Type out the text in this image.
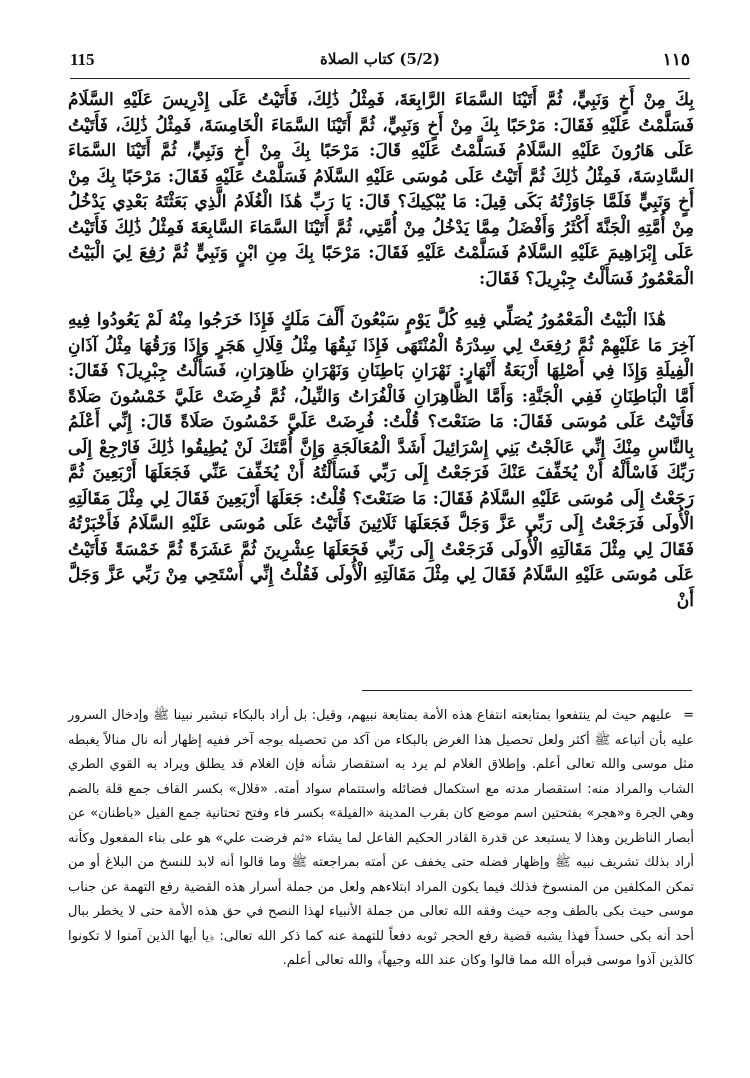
115	(5/2) كتاب الصلاة	١١٥

بِكَ مِنْ أَخٍ وَنَبِيٍّ، ثُمَّ أَتَيْنَا السَّمَاءَ الرَّابِعَةَ، فَمِثْلُ ذَٰلِكَ، فَأَتَيْتُ عَلَى إِدْرِيسَ عَلَيْهِ السَّلَامُ فَسَلَّمْتُ عَلَيْهِ فَقَالَ: مَرْحَبًا بِكَ مِنْ أَخٍ وَنَبِيٍّ، ثُمَّ أَتَيْنَا السَّمَاءَ الْخَامِسَةَ، فَمِثْلُ ذَٰلِكَ، فَأَتَيْتُ عَلَى هَارُونَ عَلَيْهِ السَّلَامُ فَسَلَّمْتُ عَلَيْهِ قَالَ: مَرْحَبًا بِكَ مِنْ أَخٍ وَنَبِيٍّ، ثُمَّ أَتَيْنَا السَّمَاءَ السَّادِسَةَ، فَمِثْلُ ذَٰلِكَ ثُمَّ أَتَيْتُ عَلَى مُوسَى عَلَيْهِ السَّلَامُ فَسَلَّمْتُ عَلَيْهِ فَقَالَ: مَرْحَبًا بِكَ مِنْ أَخٍ وَنَبِيٍّ فَلَمَّا جَاوَزْتُهُ بَكَى قِيلَ: مَا يُبْكِيكَ؟ قَالَ: يَا رَبِّ هَٰذَا الْغُلَامُ الَّذِي بَعَثْتَهُ بَعْدِي يَدْخُلُ مِنْ أُمَّتِهِ الْجَنَّةَ أَكْثَرُ وَأَفْضَلُ مِمَّا يَدْخُلُ مِنْ أُمَّتِي، ثُمَّ أَتَيْنَا السَّمَاءَ السَّابِعَةَ فَمِثْلُ ذَٰلِكَ فَأَتَيْتُ عَلَى إِبْرَاهِيمَ عَلَيْهِ السَّلَامُ فَسَلَّمْتُ عَلَيْهِ فَقَالَ: مَرْحَبًا بِكَ مِنِ ابْنٍ وَنَبِيٍّ ثُمَّ رُفِعَ لِيَ الْبَيْتُ الْمَعْمُورُ فَسَأَلْتُ جِبْرِيلَ؟ فَقَالَ:

هَٰذَا الْبَيْتُ الْمَعْمُورُ يُصَلِّي فِيهِ كُلَّ يَوْمٍ سَبْعُونَ أَلْفَ مَلَكٍ فَإِذَا خَرَجُوا مِنْهُ لَمْ يَعُودُوا فِيهِ آخِرَ مَا عَلَيْهِمْ ثُمَّ رُفِعَتْ لِي سِدْرَةُ الْمُنْتَهَى فَإِذَا نَبِقُهَا مِثْلُ قِلَالِ هَجَرٍ وَإِذَا وَرَقُهَا مِثْلُ آذَانِ الْفِيلَةِ وَإِذَا فِي أَصْلِهَا أَرْبَعَةُ أَنْهَارٍ: نَهْرَانِ بَاطِنَانِ وَنَهْرَانِ ظَاهِرَانِ، فَسَأَلْتُ جِبْرِيلَ؟ فَقَالَ: أَمَّا الْبَاطِنَانِ فَفِي الْجَنَّةِ: وَأَمَّا الظَّاهِرَانِ فَالْفُرَاتُ وَالنِّيلُ، ثُمَّ فُرِضَتْ عَلَيَّ خَمْسُونَ صَلَاةً فَأَتَيْتُ عَلَى مُوسَى فَقَالَ: مَا صَنَعْتَ؟ قُلْتُ: فُرِضَتْ عَلَيَّ خَمْسُونَ صَلَاةً قَالَ: إِنِّي أَعْلَمُ بِالنَّاسِ مِنْكَ إِنِّي عَالَجْتُ بَنِي إِسْرَائِيلَ أَشَدَّ الْمُعَالَجَةِ وَإِنَّ أُمَّتَكَ لَنْ يُطِيقُوا ذَٰلِكَ فَارْجِعْ إِلَى رَبِّكَ فَاسْأَلْهُ أَنْ يُخَفِّفَ عَنْكَ فَرَجَعْتُ إِلَى رَبِّي فَسَأَلْتُهُ أَنْ يُخَفِّفَ عَنِّي فَجَعَلَهَا أَرْبَعِينَ ثُمَّ رَجَعْتُ إِلَى مُوسَى عَلَيْهِ السَّلَامُ فَقَالَ: مَا صَنَعْتَ؟ قُلْتُ: جَعَلَهَا أَرْبَعِينَ فَقَالَ لِي مِثْلَ مَقَالَتِهِ الْأُولَى فَرَجَعْتُ إِلَى رَبِّي عَزَّ وَجَلَّ فَجَعَلَهَا ثَلَاثِينَ فَأَتَيْتُ عَلَى مُوسَى عَلَيْهِ السَّلَامُ فَأَخْبَرْتُهُ فَقَالَ لِي مِثْلَ مَقَالَتِهِ الْأُولَى فَرَجَعْتُ إِلَى رَبِّي فَجَعَلَهَا عِشْرِينَ ثُمَّ عَشَرَةً ثُمَّ خَمْسَةً فَأَتَيْتُ عَلَى مُوسَى عَلَيْهِ السَّلَامُ فَقَالَ لِي مِثْلَ مَقَالَتِهِ الْأُولَى فَقُلْتُ إِنِّي أَسْتَحِي مِنْ رَبِّي عَزَّ وَجَلَّ أَنْ

=عليهم حيث لم ينتفعوا بمتابعته انتفاع هذه الأمة بمتابعة نبيهم، وقيل: بل أراد بالبكاء تبشير نبينا ﷺ وإدخال السرور عليه بأن أتباعه ﷺ أكثر ولعل تحصيل هذا الغرض بالبكاء من آكد من تحصيله بوجه آخر ففيه إظهار أنه نال منالاً يغبطه مثل موسى والله تعالى أعلم. وإطلاق الغلام لم يرد به استقصار شأنه فإن الغلام قد يطلق ويراد به القوي الطري الشاب والمراد منه: استقصار مدته مع استكمال فضائله واستتمام سواد أمته. «قلال» بكسر القاف جمع قلة بالضم وهي الجرة و«هجر» بفتحتين اسم موضع كان بقرب المدينة «الفيلة» بكسر فاء وفتح تحتانية جمع الفيل «باطنان» عن أبصار الناظرين وهذا لا يستبعد عن قدرة القادر الحكيم الفاعل لما يشاء «ثم فرضت علي» هو على بناء المفعول وكأنه أراد بذلك تشريف نبيه ﷺ وإظهار فضله حتى يخفف عن أمته بمراجعته ﷺ وما قالوا أنه لابد للنسخ من البلاغ أو من تمكن المكلفين من المنسوخ فذلك فيما يكون المراد ابتلاءهم ولعل من جملة أسرار هذه القضية رفع التهمة عن جناب موسى حيث بكى بالطف وجه حيث وفقه الله تعالى من جملة الأنبياء لهذا النصح في حق هذه الأمة حتى لا يخطر ببال أحد أنه بكى حسداً فهذا يشبه قضية رفع الحجر ثوبه دفعاً للتهمة عنه كما ذكر الله تعالى: ﴿يا أيها الذين آمنوا لا تكونوا كالذين آذوا موسى فبرأه الله مما قالوا وكان عند الله وجيهاً﴾ والله تعالى أعلم.
